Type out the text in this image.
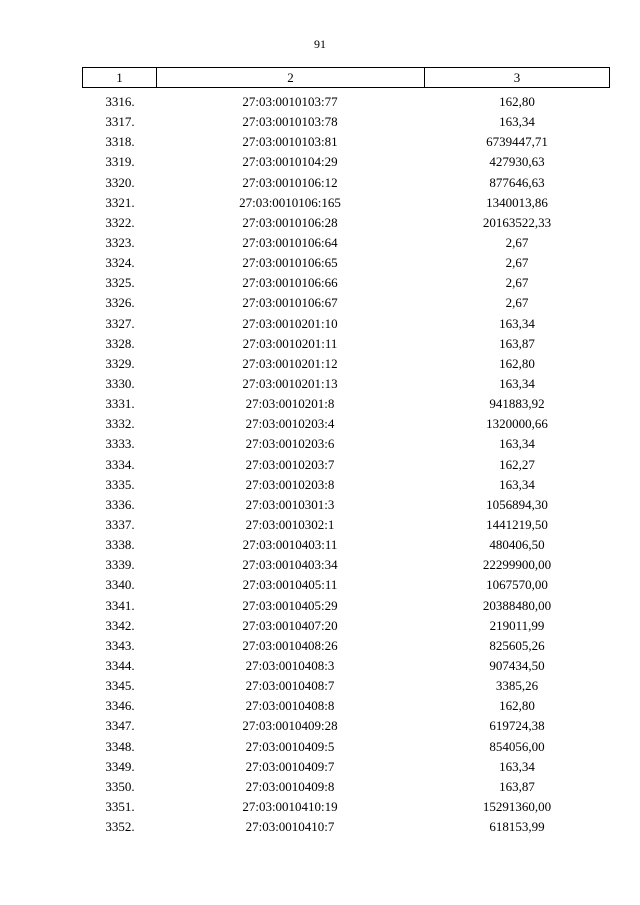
91
1	2	3
3316.	27:03:0010103:77	162,80
3317.	27:03:0010103:78	163,34
3318.	27:03:0010103:81	6739447,71
3319.	27:03:0010104:29	427930,63
3320.	27:03:0010106:12	877646,63
3321.	27:03:0010106:165	1340013,86
3322.	27:03:0010106:28	20163522,33
3323.	27:03:0010106:64	2,67
3324.	27:03:0010106:65	2,67
3325.	27:03:0010106:66	2,67
3326.	27:03:0010106:67	2,67
3327.	27:03:0010201:10	163,34
3328.	27:03:0010201:11	163,87
3329.	27:03:0010201:12	162,80
3330.	27:03:0010201:13	163,34
3331.	27:03:0010201:8	941883,92
3332.	27:03:0010203:4	1320000,66
3333.	27:03:0010203:6	163,34
3334.	27:03:0010203:7	162,27
3335.	27:03:0010203:8	163,34
3336.	27:03:0010301:3	1056894,30
3337.	27:03:0010302:1	1441219,50
3338.	27:03:0010403:11	480406,50
3339.	27:03:0010403:34	22299900,00
3340.	27:03:0010405:11	1067570,00
3341.	27:03:0010405:29	20388480,00
3342.	27:03:0010407:20	219011,99
3343.	27:03:0010408:26	825605,26
3344.	27:03:0010408:3	907434,50
3345.	27:03:0010408:7	3385,26
3346.	27:03:0010408:8	162,80
3347.	27:03:0010409:28	619724,38
3348.	27:03:0010409:5	854056,00
3349.	27:03:0010409:7	163,34
3350.	27:03:0010409:8	163,87
3351.	27:03:0010410:19	15291360,00
3352.	27:03:0010410:7	618153,99
